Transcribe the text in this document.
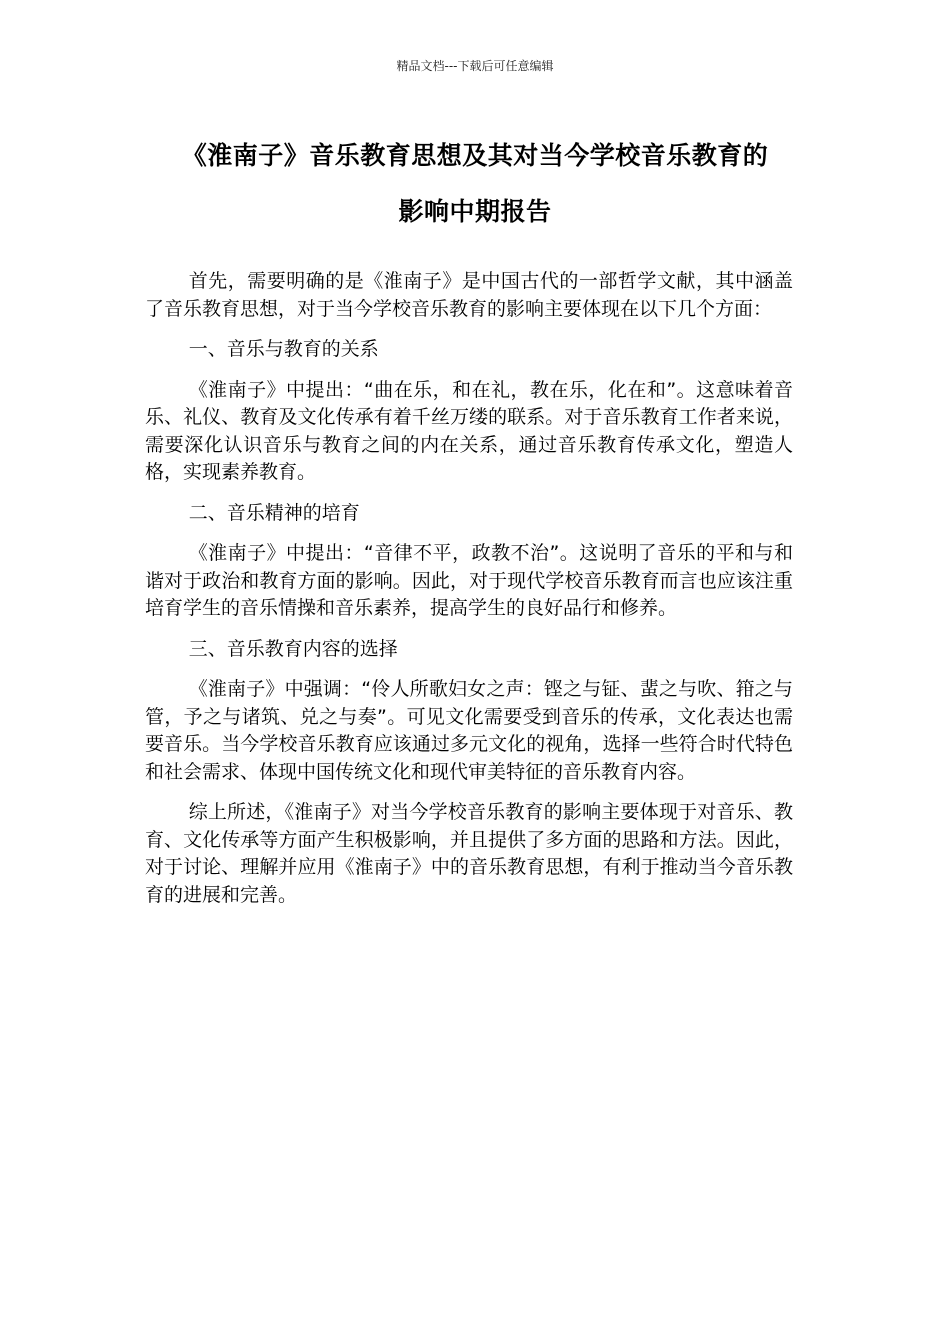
精品文档---下载后可任意编辑
《淮南子》音乐教育思想及其对当今学校音乐教育的
影响中期报告

首先，需要明确的是《淮南子》是中国古代的一部哲学文献，其中涵盖了音乐教育思想，对于当今学校音乐教育的影响主要体现在以下几个方面：

一、音乐与教育的关系

《淮南子》中提出：“曲在乐，和在礼，教在乐，化在和”。这意味着音乐、礼仪、教育及文化传承有着千丝万缕的联系。对于音乐教育工作者来说，需要深化认识音乐与教育之间的内在关系，通过音乐教育传承文化，塑造人格，实现素养教育。

二、音乐精神的培育

《淮南子》中提出：“音律不平，政教不治”。这说明了音乐的平和与和谐对于政治和教育方面的影响。因此，对于现代学校音乐教育而言也应该注重培育学生的音乐情操和音乐素养，提高学生的良好品行和修养。

三、音乐教育内容的选择

《淮南子》中强调：“伶人所歌妇女之声：铿之与钲、蜚之与吹、箝之与管，予之与诸筑、兑之与奏”。可见文化需要受到音乐的传承，文化表达也需要音乐。当今学校音乐教育应该通过多元文化的视角，选择一些符合时代特色和社会需求、体现中国传统文化和现代审美特征的音乐教育内容。

综上所述，《淮南子》对当今学校音乐教育的影响主要体现于对音乐、教育、文化传承等方面产生积极影响，并且提供了多方面的思路和方法。因此，对于讨论、理解并应用《淮南子》中的音乐教育思想，有利于推动当今音乐教育的进展和完善。
